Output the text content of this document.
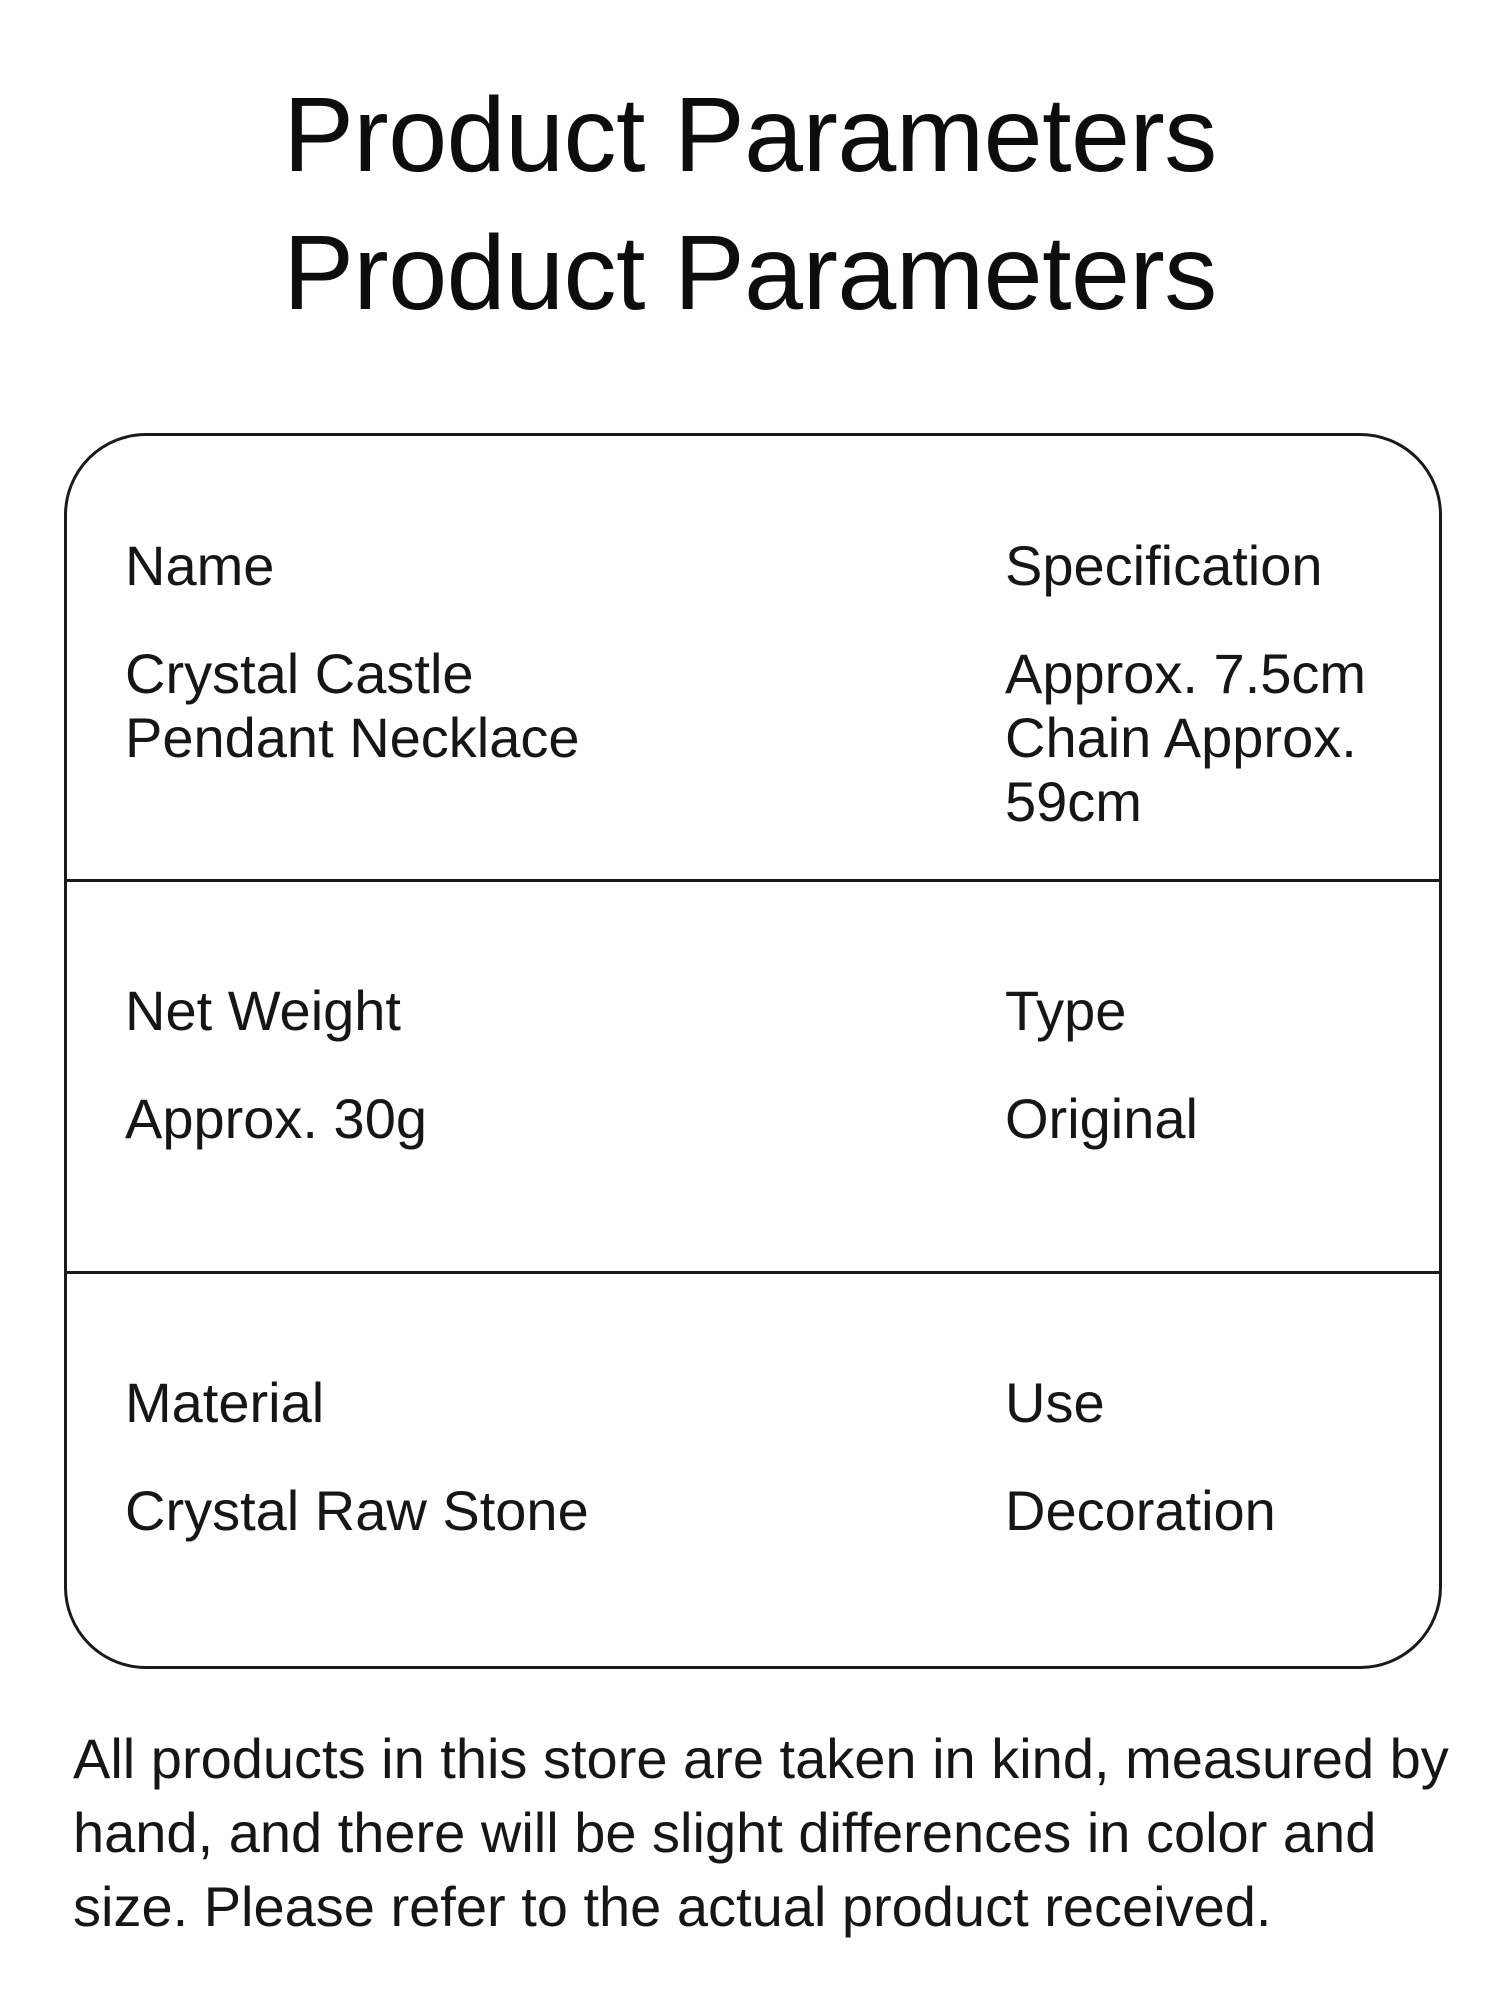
Product Parameters
Product Parameters
Name
Crystal Castle
Pendant Necklace
Specification
Approx. 7.5cm
Chain Approx.
59cm
Net Weight
Approx. 30g
Type
Original
Material
Crystal Raw Stone
Use
Decoration

All products in this store are taken in kind, measured by hand, and there will be slight differences in color and size. Please refer to the actual product received.
